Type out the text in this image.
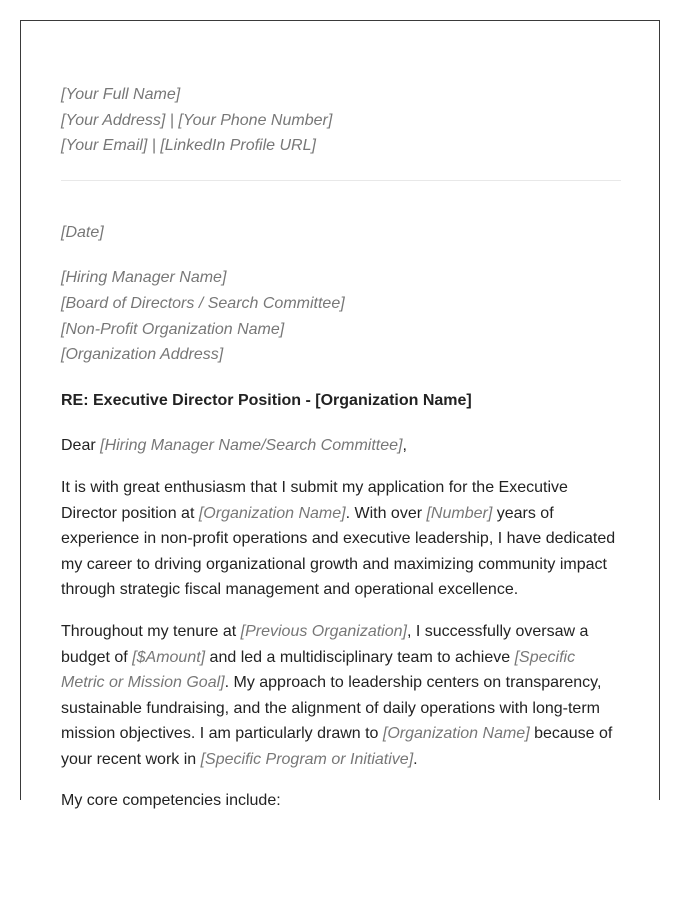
[Your Full Name]

[Your Address] | [Your Phone Number]

[Your Email] | [LinkedIn Profile URL]

[Date]

[Hiring Manager Name]

[Board of Directors / Search Committee]

[Non-Profit Organization Name]

[Organization Address]

RE: Executive Director Position - [Organization Name]

Dear [Hiring Manager Name/Search Committee],

It is with great enthusiasm that I submit my application for the Executive Director position at [Organization Name]. With over [Number] years of experience in non-profit operations and executive leadership, I have dedicated my career to driving organizational growth and maximizing community impact through strategic fiscal management and operational excellence.

Throughout my tenure at [Previous Organization], I successfully oversaw a budget of [$Amount] and led a multidisciplinary team to achieve [Specific Metric or Mission Goal]. My approach to leadership centers on transparency, sustainable fundraising, and the alignment of daily operations with long-term mission objectives. I am particularly drawn to [Organization Name] because of your recent work in [Specific Program or Initiative].

My core competencies include:
